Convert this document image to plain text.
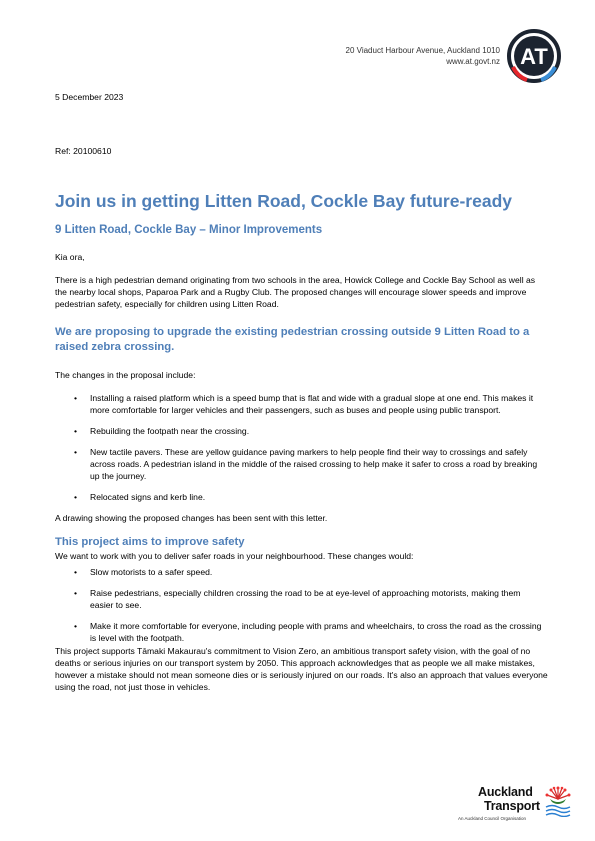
20 Viaduct Harbour Avenue, Auckland 1010
www.at.govt.nz AT
5 December 2023
Ref: 20100610
Join us in getting Litten Road, Cockle Bay future-ready
9 Litten Road, Cockle Bay – Minor Improvements
Kia ora,
There is a high pedestrian demand originating from two schools in the area, Howick College and Cockle Bay School as well as the nearby local shops, Paparoa Park and a Rugby Club. The proposed changes will encourage slower speeds and improve pedestrian safety, especially for children using Litten Road.
We are proposing to upgrade the existing pedestrian crossing outside 9 Litten Road to a raised zebra crossing.
The changes in the proposal include:
• Installing a raised platform which is a speed bump that is flat and wide with a gradual slope at one end. This makes it more comfortable for larger vehicles and their passengers, such as buses and people using public transport.
• Rebuilding the footpath near the crossing.
• New tactile pavers. These are yellow guidance paving markers to help people find their way to crossings and safely across roads. A pedestrian island in the middle of the raised crossing to help make it safer to cross a road by breaking up the journey.
• Relocated signs and kerb line.
A drawing showing the proposed changes has been sent with this letter.
This project aims to improve safety
We want to work with you to deliver safer roads in your neighbourhood. These changes would:
• Slow motorists to a safer speed.
• Raise pedestrians, especially children crossing the road to be at eye-level of approaching motorists, making them easier to see.
• Make it more comfortable for everyone, including people with prams and wheelchairs, to cross the road as the crossing is level with the footpath.
This project supports Tāmaki Makaurau's commitment to Vision Zero, an ambitious transport safety vision, with the goal of no deaths or serious injuries on our transport system by 2050. This approach acknowledges that as people we all make mistakes, however a mistake should not mean someone dies or is seriously injured on our roads. It's also an approach that values everyone using the road, not just those in vehicles.
Auckland
Transport
An Auckland Council Organisation
